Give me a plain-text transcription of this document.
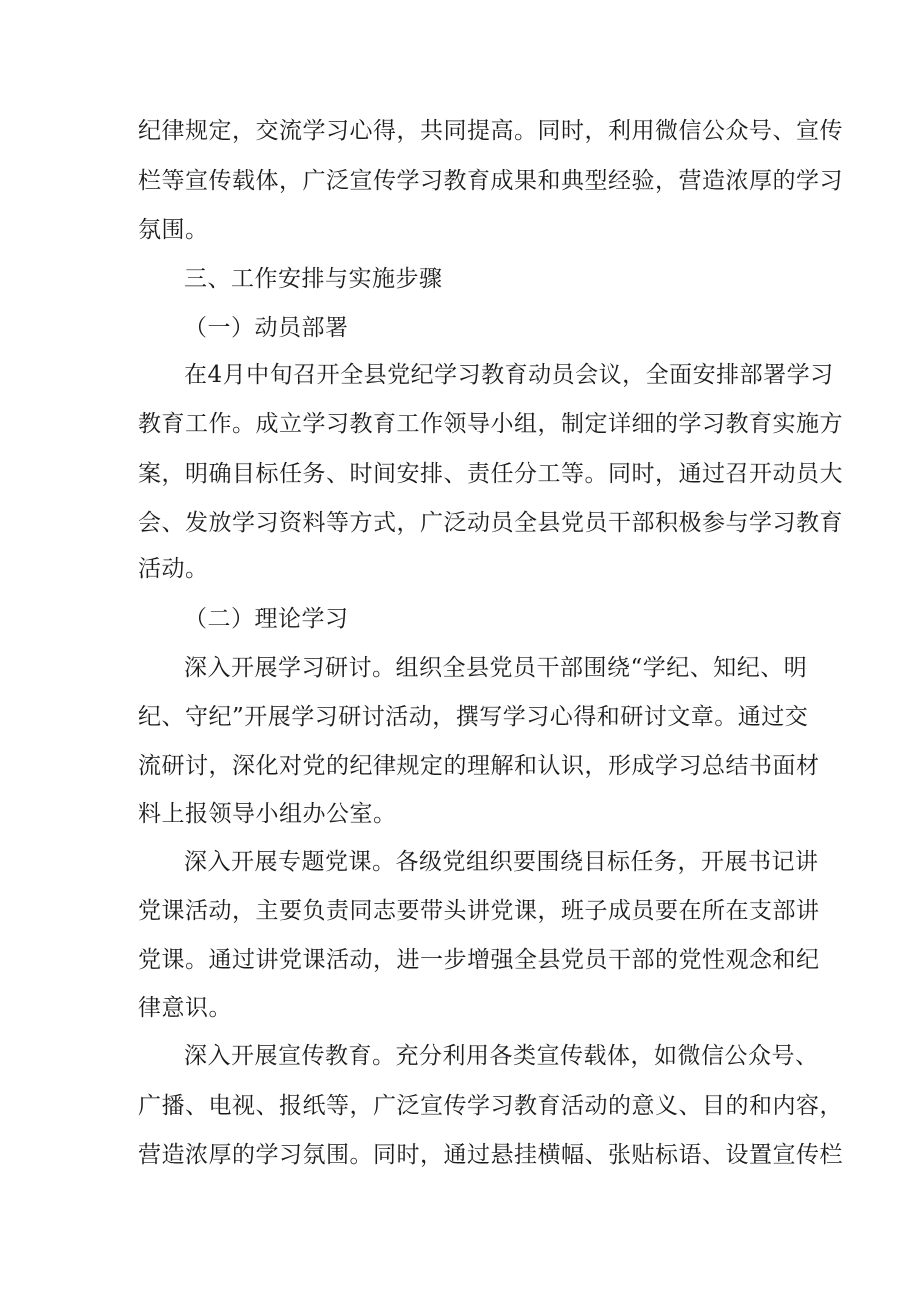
纪律规定，交流学习心得，共同提高。同时，利用微信公众号、宣传
栏等宣传载体，广泛宣传学习教育成果和典型经验，营造浓厚的学习
氛围。
三、工作安排与实施步骤
（一）动员部署
在4月中旬召开全县党纪学习教育动员会议，全面安排部署学习
教育工作。成立学习教育工作领导小组，制定详细的学习教育实施方
案，明确目标任务、时间安排、责任分工等。同时，通过召开动员大
会、发放学习资料等方式，广泛动员全县党员干部积极参与学习教育
活动。
（二）理论学习
深入开展学习研讨。组织全县党员干部围绕“学纪、知纪、明
纪、守纪”开展学习研讨活动，撰写学习心得和研讨文章。通过交
流研讨，深化对党的纪律规定的理解和认识，形成学习总结书面材
料上报领导小组办公室。
深入开展专题党课。各级党组织要围绕目标任务，开展书记讲
党课活动，主要负责同志要带头讲党课，班子成员要在所在支部讲
党课。通过讲党课活动，进一步增强全县党员干部的党性观念和纪
律意识。
深入开展宣传教育。充分利用各类宣传载体，如微信公众号、
广播、电视、报纸等，广泛宣传学习教育活动的意义、目的和内容，
营造浓厚的学习氛围。同时，通过悬挂横幅、张贴标语、设置宣传栏
